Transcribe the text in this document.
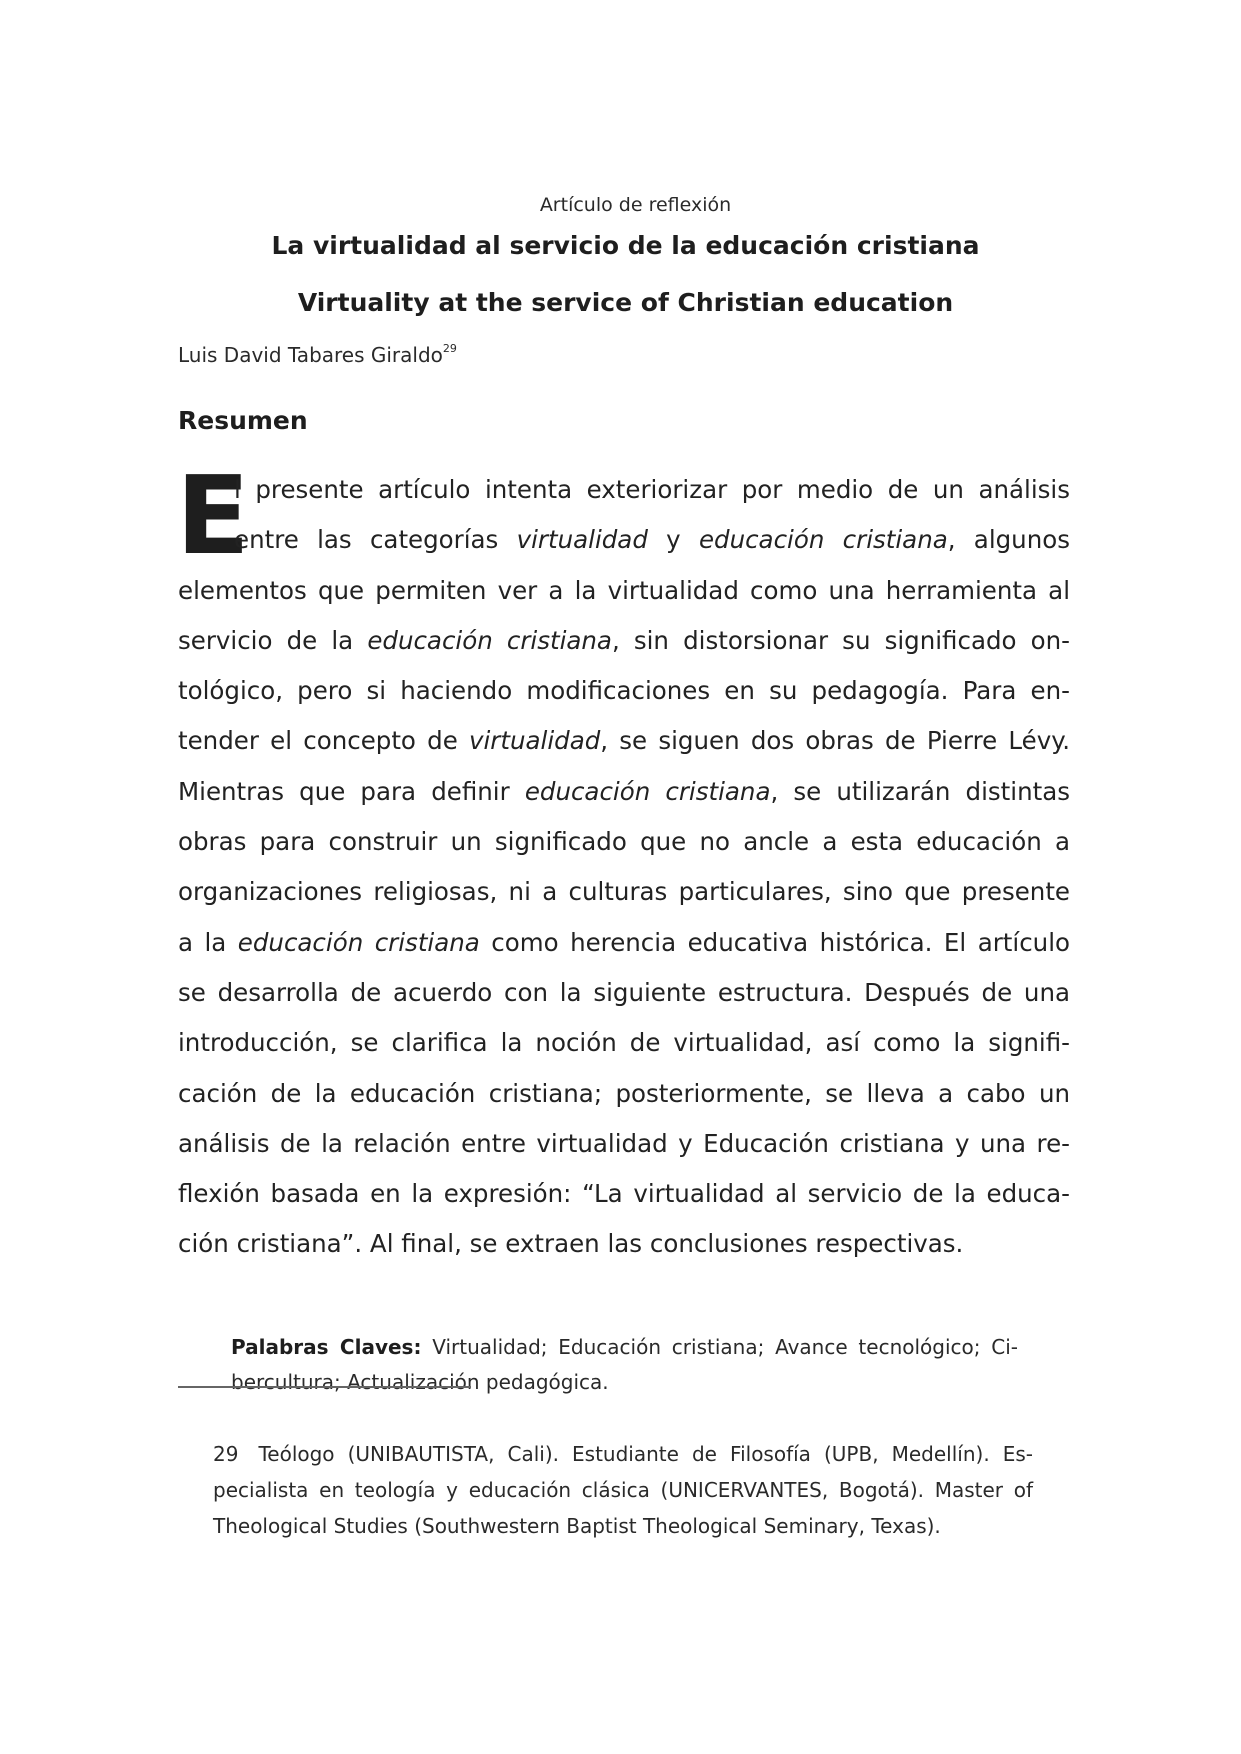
Artículo de reflexión
La virtualidad al servicio de la educación cristiana
Virtuality at the service of Christian education
Luis David Tabares Giraldo$^{29}$
Resumen
E
l presente artículo intenta exteriorizar por medio de un análisis
entre las categorías virtualidad y educación cristiana, algunos
elementos que permiten ver a la virtualidad como una herramienta al
servicio de la educación cristiana, sin distorsionar su significado on-
tológico, pero si haciendo modificaciones en su pedagogía. Para en-
tender el concepto de virtualidad, se siguen dos obras de Pierre Lévy.
Mientras que para definir educación cristiana, se utilizarán distintas
obras para construir un significado que no ancle a esta educación a
organizaciones religiosas, ni a culturas particulares, sino que presente
a la educación cristiana como herencia educativa histórica. El artículo
se desarrolla de acuerdo con la siguiente estructura. Después de una
introducción, se clarifica la noción de virtualidad, así como la signifi-
cación de la educación cristiana; posteriormente, se lleva a cabo un
análisis de la relación entre virtualidad y Educación cristiana y una re-
flexión basada en la expresión: “La virtualidad al servicio de la educa-
ción cristiana”. Al final, se extraen las conclusiones respectivas.
Palabras Claves: Virtualidad; Educación cristiana; Avance tecnológico; Ci-
bercultura; Actualización pedagógica.
29 Teólogo (UNIBAUTISTA, Cali). Estudiante de Filosofía (UPB, Medellín). Es-
pecialista en teología y educación clásica (UNICERVANTES, Bogotá). Master of
Theological Studies (Southwestern Baptist Theological Seminary, Texas).
